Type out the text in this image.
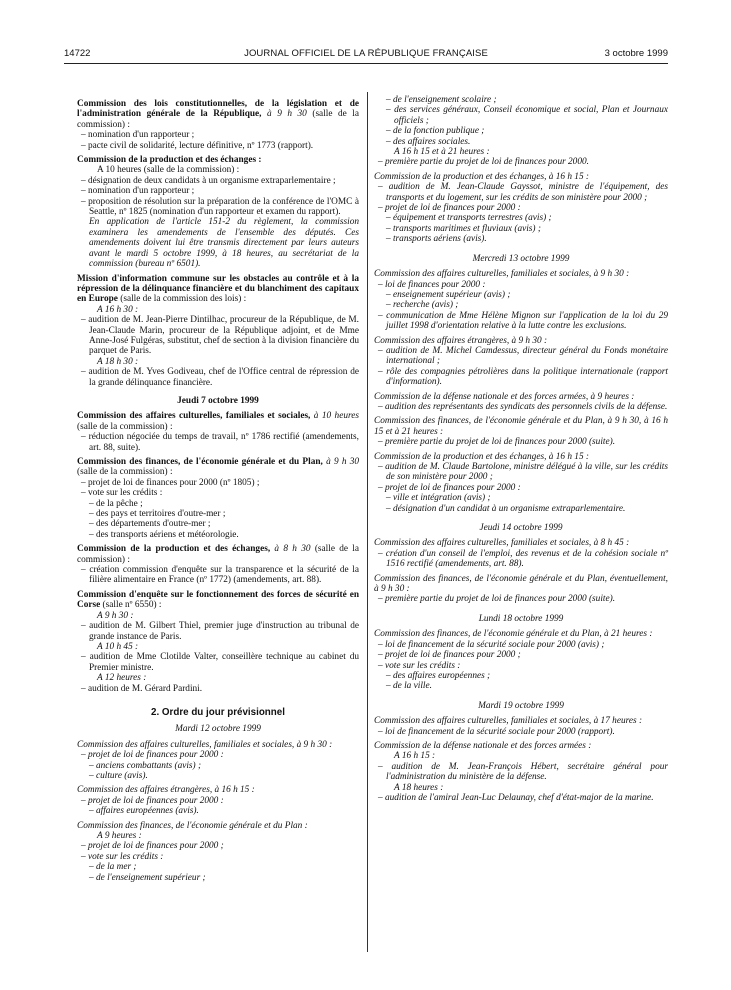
14722	JOURNAL OFFICIEL DE LA RÉPUBLIQUE FRANÇAISE	3 octobre 1999

Commission des lois constitutionnelles, de la législation et de l'administration générale de la République, à 9 h 30 (salle de la commission) :

– nomination d'un rapporteur ;

– pacte civil de solidarité, lecture définitive, nº 1773 (rapport).

Commission de la production et des échanges :

A 10 heures (salle de la commission) :

– désignation de deux candidats à un organisme extraparlementaire ;

– nomination d'un rapporteur ;

– proposition de résolution sur la préparation de la conférence de l'OMC à Seattle, nº 1825 (nomination d'un rapporteur et examen du rapport).

En application de l'article 151-2 du règlement, la commission examinera les amendements de l'ensemble des députés. Ces amendements doivent lui être transmis directement par leurs auteurs avant le mardi 5 octobre 1999, à 18 heures, au secrétariat de la commission (bureau nº 6501).

Mission d'information commune sur les obstacles au contrôle et à la répression de la délinquance financière et du blanchiment des capitaux en Europe (salle de la commission des lois) :

A 16 h 30 :

– audition de M. Jean-Pierre Dintilhac, procureur de la République, de M. Jean-Claude Marin, procureur de la République adjoint, et de Mme Anne-José Fulgéras, substitut, chef de section à la division financière du parquet de Paris.

A 18 h 30 :

– audition de M. Yves Godiveau, chef de l'Office central de répression de la grande délinquance financière.

Jeudi 7 octobre 1999

Commission des affaires culturelles, familiales et sociales, à 10 heures (salle de la commission) :

– réduction négociée du temps de travail, nº 1786 rectifié (amendements, art. 88, suite).

Commission des finances, de l'économie générale et du Plan, à 9 h 30 (salle de la commission) :

– projet de loi de finances pour 2000 (nº 1805) ;

– vote sur les crédits :

– de la pêche ;

– des pays et territoires d'outre-mer ;

– des départements d'outre-mer ;

– des transports aériens et météorologie.

Commission de la production et des échanges, à 8 h 30 (salle de la commission) :

– création commission d'enquête sur la transparence et la sécurité de la filière alimentaire en France (nº 1772) (amendements, art. 88).

Commission d'enquête sur le fonctionnement des forces de sécurité en Corse (salle nº 6550) :

A 9 h 30 :

– audition de M. Gilbert Thiel, premier juge d'instruction au tribunal de grande instance de Paris.

A 10 h 45 :

– audition de Mme Clotilde Valter, conseillère technique au cabinet du Premier ministre.

A 12 heures :

– audition de M. Gérard Pardini.

2. Ordre du jour prévisionnel

Mardi 12 octobre 1999

Commission des affaires culturelles, familiales et sociales, à 9 h 30 :

– projet de loi de finances pour 2000 :

– anciens combattants (avis) ;

– culture (avis).

Commission des affaires étrangères, à 16 h 15 :

– projet de loi de finances pour 2000 :

– affaires européennes (avis).

Commission des finances, de l'économie générale et du Plan :

A 9 heures :

– projet de loi de finances pour 2000 ;

– vote sur les crédits :

– de la mer ;

– de l'enseignement supérieur ;

– de l'enseignement scolaire ;

– des services généraux, Conseil économique et social, Plan et Journaux officiels ;

– de la fonction publique ;

– des affaires sociales.

A 16 h 15 et à 21 heures :

– première partie du projet de loi de finances pour 2000.

Commission de la production et des échanges, à 16 h 15 :

– audition de M. Jean-Claude Gayssot, ministre de l'équipement, des transports et du logement, sur les crédits de son ministère pour 2000 ;

– projet de loi de finances pour 2000 :

– équipement et transports terrestres (avis) ;

– transports maritimes et fluviaux (avis) ;

– transports aériens (avis).

Mercredi 13 octobre 1999

Commission des affaires culturelles, familiales et sociales, à 9 h 30 :

– loi de finances pour 2000 :

– enseignement supérieur (avis) ;

– recherche (avis) ;

– communication de Mme Hélène Mignon sur l'application de la loi du 29 juillet 1998 d'orientation relative à la lutte contre les exclusions.

Commission des affaires étrangères, à 9 h 30 :

– audition de M. Michel Camdessus, directeur général du Fonds monétaire international ;

– rôle des compagnies pétrolières dans la politique internationale (rapport d'information).

Commission de la défense nationale et des forces armées, à 9 heures :

– audition des représentants des syndicats des personnels civils de la défense.

Commission des finances, de l'économie générale et du Plan, à 9 h 30, à 16 h 15 et à 21 heures :

– première partie du projet de loi de finances pour 2000 (suite).

Commission de la production et des échanges, à 16 h 15 :

– audition de M. Claude Bartolone, ministre délégué à la ville, sur les crédits de son ministère pour 2000 ;

– projet de loi de finances pour 2000 :

– ville et intégration (avis) ;

– désignation d'un candidat à un organisme extraparlementaire.

Jeudi 14 octobre 1999

Commission des affaires culturelles, familiales et sociales, à 8 h 45 :

– création d'un conseil de l'emploi, des revenus et de la cohésion sociale nº 1516 rectifié (amendements, art. 88).

Commission des finances, de l'économie générale et du Plan, éventuellement, à 9 h 30 :

– première partie du projet de loi de finances pour 2000 (suite).

Lundi 18 octobre 1999

Commission des finances, de l'économie générale et du Plan, à 21 heures :

– loi de financement de la sécurité sociale pour 2000 (avis) ;

– projet de loi de finances pour 2000 ;

– vote sur les crédits :

– des affaires européennes ;

– de la ville.

Mardi 19 octobre 1999

Commission des affaires culturelles, familiales et sociales, à 17 heures :

– loi de financement de la sécurité sociale pour 2000 (rapport).

Commission de la défense nationale et des forces armées :

A 16 h 15 :

– audition de M. Jean-François Hébert, secrétaire général pour l'administration du ministère de la défense.

A 18 heures :

– audition de l'amiral Jean-Luc Delaunay, chef d'état-major de la marine.
